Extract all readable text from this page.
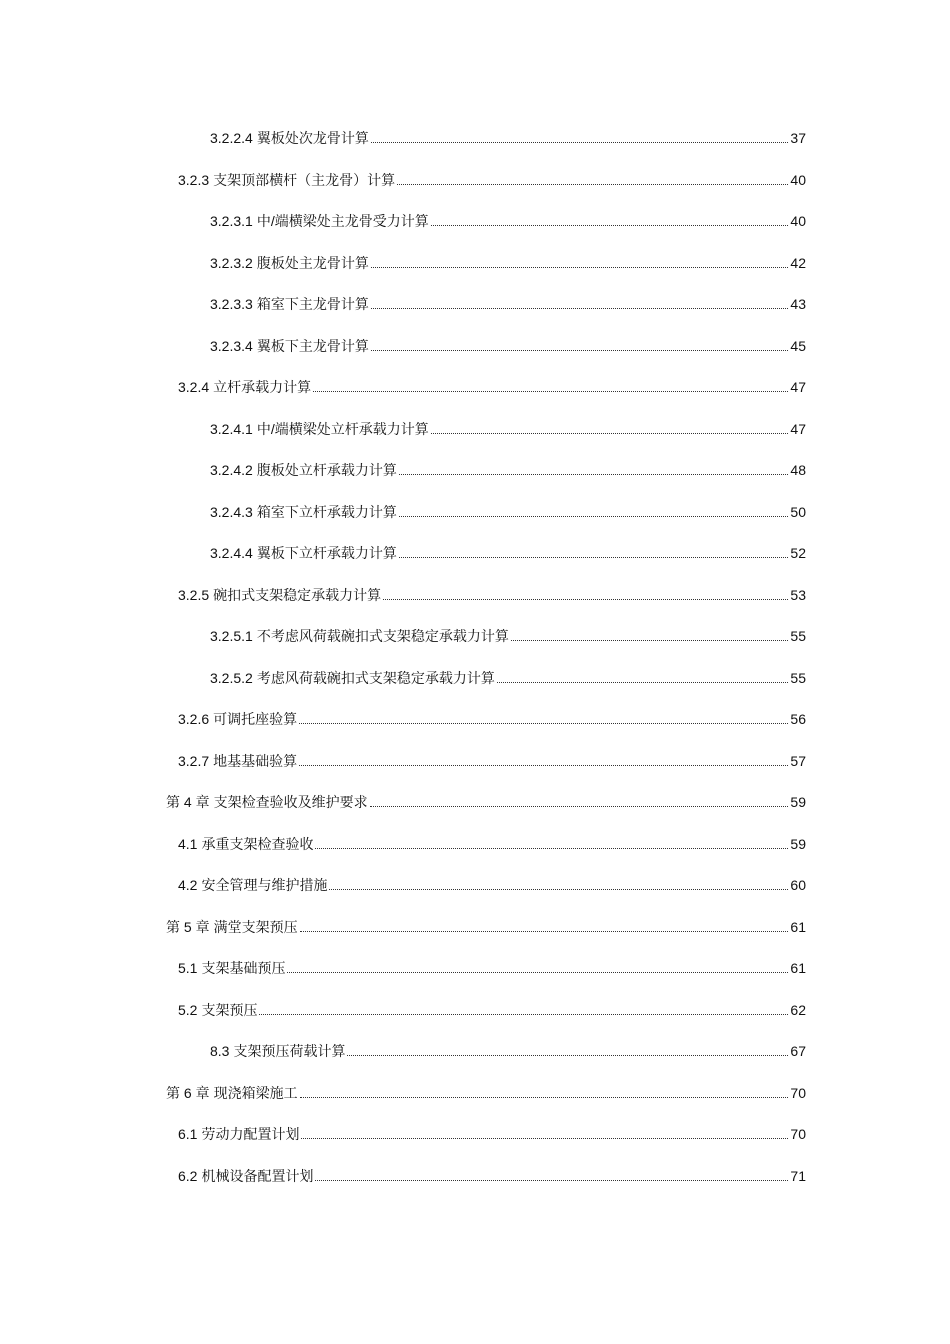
3.2.2.4 翼板处次龙骨计算	37
3.2.3 支架顶部横杆（主龙骨）计算	40
3.2.3.1 中/端横梁处主龙骨受力计算	40
3.2.3.2 腹板处主龙骨计算	42
3.2.3.3 箱室下主龙骨计算	43
3.2.3.4 翼板下主龙骨计算	45
3.2.4 立杆承载力计算	47
3.2.4.1 中/端横梁处立杆承载力计算	47
3.2.4.2 腹板处立杆承载力计算	48
3.2.4.3 箱室下立杆承载力计算	50
3.2.4.4 翼板下立杆承载力计算	52
3.2.5 碗扣式支架稳定承载力计算	53
3.2.5.1 不考虑风荷载碗扣式支架稳定承载力计算	55
3.2.5.2 考虑风荷载碗扣式支架稳定承载力计算	55
3.2.6 可调托座验算	56
3.2.7 地基基础验算	57
第 4 章 支架检查验收及维护要求	59
4.1 承重支架检查验收	59
4.2 安全管理与维护措施	60
第 5 章 满堂支架预压	61
5.1 支架基础预压	61
5.2 支架预压	62
8.3 支架预压荷载计算	67
第 6 章 现浇箱梁施工	70
6.1 劳动力配置计划	70
6.2 机械设备配置计划	71
